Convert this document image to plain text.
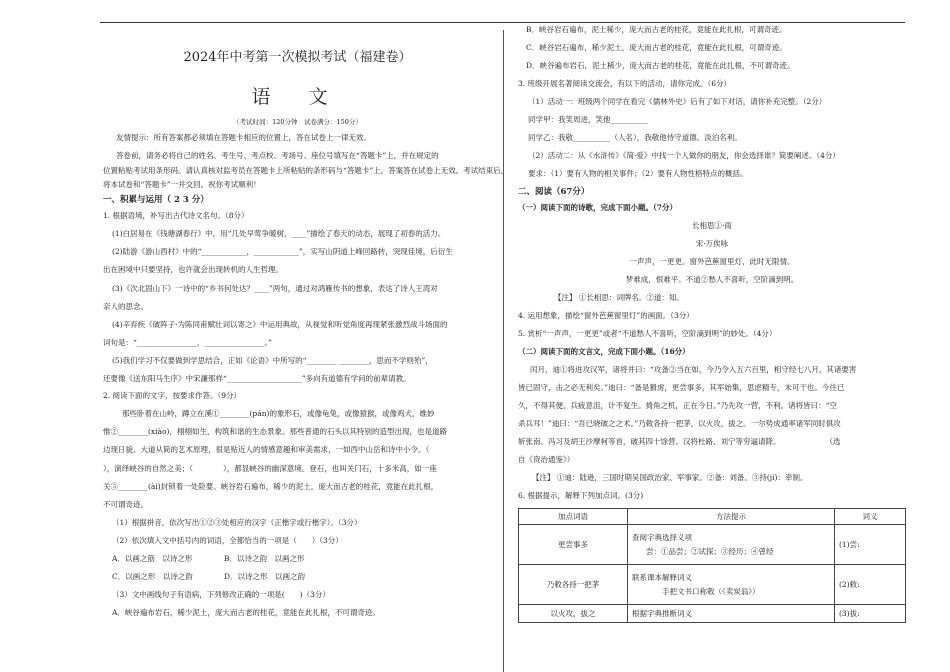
2024年中考第一次模拟考试（福建卷）
语 文
（考试时间：120分钟　试卷满分：150分）
友情提示：所有答案都必须填在答题卡相应的位置上，答在试卷上一律无效。
答卷前，请务必将自己的姓名、考生号、考点校、考场号、座位号填写在“答题卡”上，并在规定的
位置粘贴考试用条形码。请认真核对监考员在答题卡上所粘贴的条形码与“答题卡”上，答案答在试卷上无效。考试结束后，
将本试卷和“答题卡”一并交回。祝你考试顺利！
一、积累与运用（ 2 3 分）
1. 根据语境，补写出古代诗文名句。（8分）
(1)白居易在《钱塘湖春行》中，用“几处早莺争暖树，____”描绘了春天的动态，展现了初春的活力。
(2)陆游《游山西村》中的“____________，____________”，实写山阴道上峰回路转，突现佳境，后衍生
出在困境中只要坚持，也许就会出现转机的人生哲理。
(3)《次北固山下》一诗中的“乡书何处达？____”两句，通过对鸿雁传书的想象，表达了诗人王湾对
亲人的思念。
(4)辛弃疾《破阵子·为陈同甫赋壮词以寄之》中运用典故，从视觉和听觉角度再现紧张激烈战斗场面的
词句是：“________________，________________。”
(5)我们学习不仅要做到学思结合，正如《论语》中所写的“________ ________，思而不学则殆”，
还要像《送东阳马生序》中宋濂那样“____________________”多向有道德有学问的前辈请教。
2. 阅读下面的文字，按要求作答。（9分）
那些卧着在山岭，蹲立在溪①________(pán)的象形石，或像龟兔，或像猿猴，或像鸡犬，维妙
惟②________(xiào)，栩栩如生，构筑和谐的生态景象。那些普通的石头以其特别的造型出现，也是道路
边现日貌、大道从简的艺术原理，很是贴近人的情感意趣和审美需求，一如西中山岳和诗中小令。（　
），演绎峡谷的自然之美；（　　　　），都显峡谷的幽深意境。登石，也叫关门石，十多米高，如一座
关③________(ài)封锁着一处险要。峡谷岩石遍布，稀少的泥土，庞大而古老的桂花，竟能在此扎根，
不可谓奇迹。
（1）根据拼音，依次写出①②③处相应的汉字（正楷字或行楷字）。（3分）
（2）依次填入文中括号内的词语，全都恰当的一项是（　　）（3分）
A．以画之筋　以诗之形	B．以诗之韵　以画之形
C．以画之形　以诗之韵	D．以诗之形　以画之韵
（3）文中画线句子有语病，下列修改正确的一项是(　　)（3分）
A．峡谷遍布岩石，稀少泥土，庞大而古老的桂花，竟能在此扎根，不可谓奇迹。
B．峡谷岩石遍布，泥土稀少，庞大而古老的桂花，竟能在此扎根，可谓奇迹。
C．峡谷岩石遍布，稀少泥土，庞大而古老的桂花，竟能在此扎根，可谓奇迹。
D．峡谷遍布岩石，泥土稀少，庞大而古老的桂花，竟能在此扎根，不可谓奇迹。
3. 班级开展名著阅读交流会，有以下的活动，请你完成。（6分）
（1）活动一：班级两个同学在看完《儒林外史》后有了如下对话，请你补充完整。（2分）
同学甲：我笑周进，笑他__________
同学乙：我敬__________（人名），我敬他侍守道德、淡泊名利。
（2）活动二：从《水浒传》《简·爱》中找一个人做你的朋友，你会选择谁？简要阐述。（4分）
要求：（1）要有人物的相关事件；（2）要有人物性格特点的概括。
二、阅读（67分）
（一）阅读下面的诗歌，完成下面小题。（7分）
长相思①·雨
宋·万俟咏
一声声，一更更。窗外芭蕉窗里灯，此时无限情。
梦难成，恨难平。不道②愁人不喜听，空阶滴到明。
【注】 ①长相思：词牌名。②道：知。
4. 运用想象，描绘“窗外芭蕉窗里灯”的画面。（3分）
5. 赏析“一声声，一更更”或者“不道愁人不喜听，空阶滴到明”的妙处。（4分）
（二）阅读下面的文言文，完成下面小题。（16分）
闰月，迪①将进攻汉军，诸将并曰：“攻备②当在如，今乃令入五六百里，相守经七八月，其诸要害
皆已固守，击之必无利矣。”迪曰：“备是猾虏，更尝事多，其军始集，思虑精专，未可干也。今往已
久，不得其便，兵疲意沮，计不复生。掎角之机，正在今日。”乃先攻一营，不利。诸将皆曰：“空
杀兵耳！”迪曰：“吾已晓破之之术。”乃敕各持一把茅，以火攻，拔之。一尔势成通率诸军同时俱攻
斩张南、冯习及胡王沙摩柯等首，破其四十馀营。汉将杜路、刘宁等穷逼请降。　　　　　　　（选
自《资治通鉴》）
【注】 ①迪：陆逊，三国时期吴国政治家、军事家。②备：刘备。③持(jí)：牵制。
6. 根据提示，解释下列加点词。(3分)
加点词语	方法提示	词义
更尝事多	查阅字典选择义项
尝：①品尝；②试探；③经历；④曾经	(1)尝:
乃敕各持一把茅	联系课本解释词义
手把文书口称敕（《卖炭翁》）	(2)敕:
以火攻，拔之	根据字典推断词义	(3)拔:
